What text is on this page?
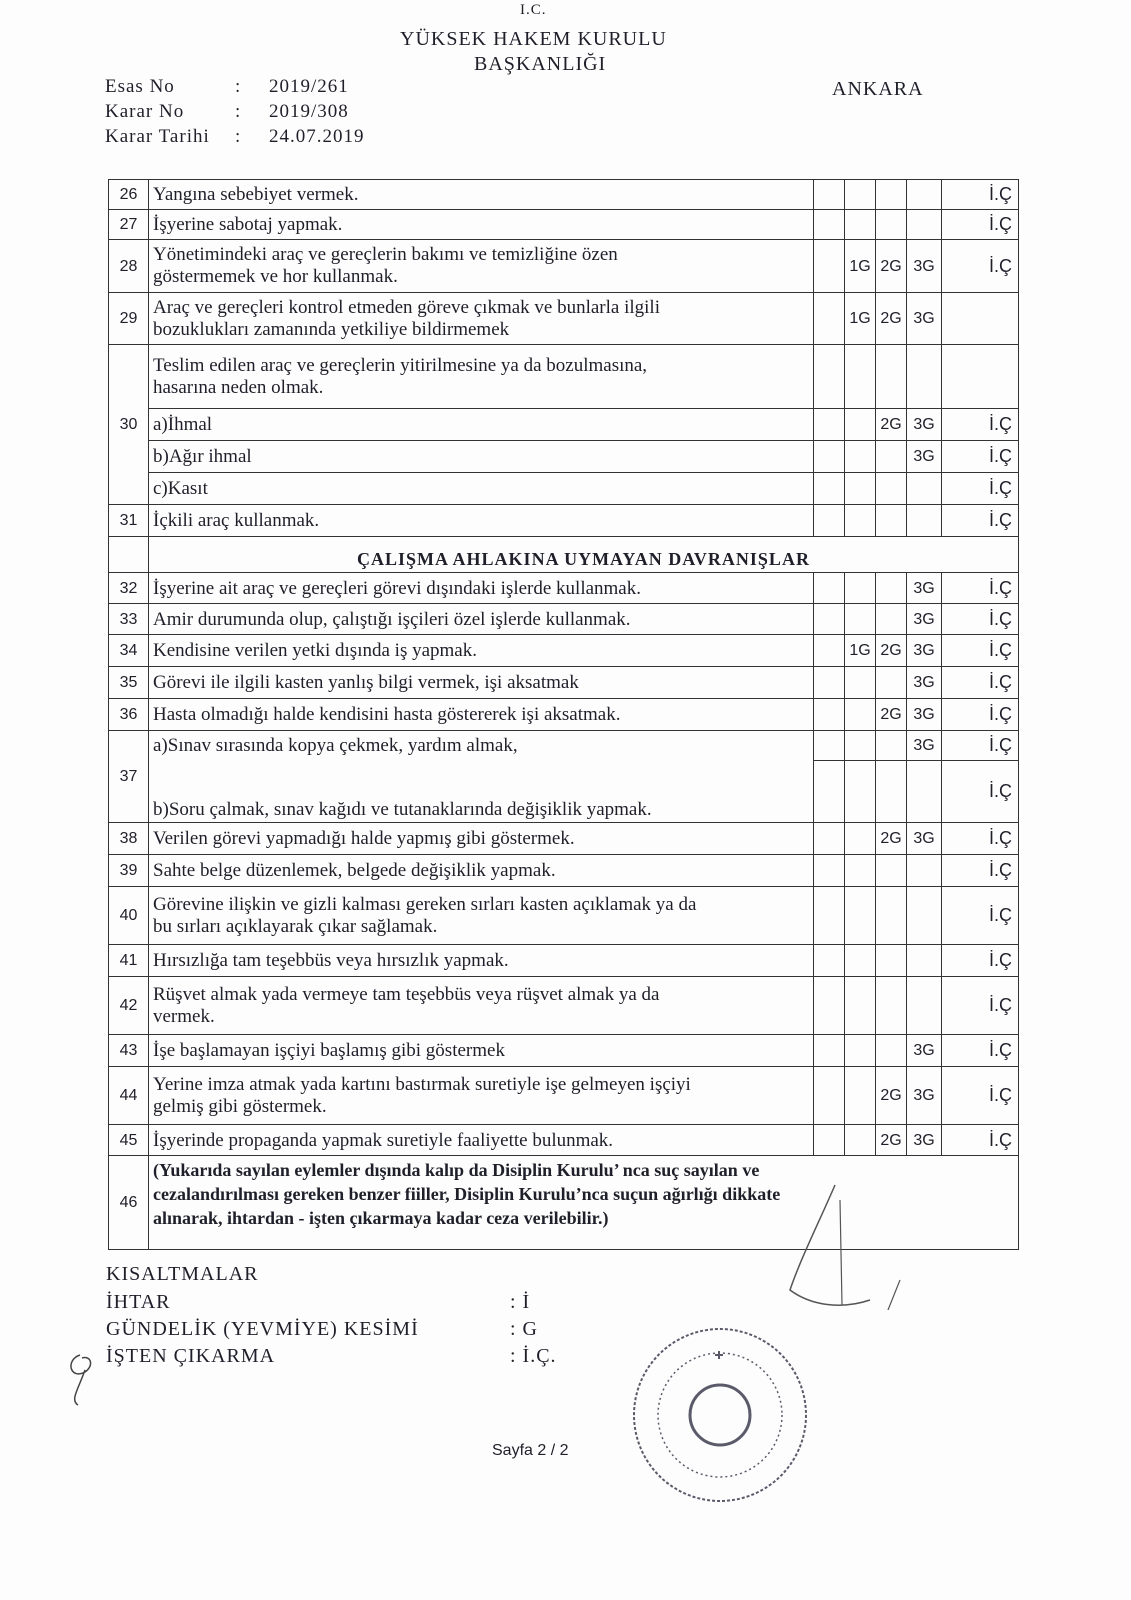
I.C.
YÜKSEK HAKEM KURULU
BAŞKANLIĞI
ANKARA
Esas No	: 2019/261
Karar No	: 2019/308
Karar Tarihi : 24.07.2019
26	Yangına sebebiyet vermek.					İ.Ç
27	İşyerine sabotaj yapmak.					İ.Ç
28	Yönetimindeki araç ve gereçlerin bakımı ve temizliğine özen
göstermemek ve hor kullanmak.		1G	2G	3G	İ.Ç
29	Araç ve gereçleri kontrol etmeden göreve çıkmak ve bunlarla ilgili
bozuklukları zamanında yetkiliye bildirmemek		1G	2G	3G	
30	Teslim edilen araç ve gereçlerin yitirilmesine ya da bozulmasına,
hasarına neden olmak.					
	a)İhmal			2G	3G	İ.Ç
	b)Ağır ihmal				3G	İ.Ç
	c)Kasıt					İ.Ç
31	İçkili araç kullanmak.					İ.Ç
	ÇALIŞMA AHLAKINA UYMAYAN DAVRANIŞLAR					
32	İşyerine ait araç ve gereçleri görevi dışındaki işlerde kullanmak.				3G	İ.Ç
33	Amir durumunda olup, çalıştığı işçileri özel işlerde kullanmak.				3G	İ.Ç
34	Kendisine verilen yetki dışında iş yapmak.		1G	2G	3G	İ.Ç
35	Görevi ile ilgili kasten yanlış bilgi vermek, işi aksatmak				3G	İ.Ç
36	Hasta olmadığı halde kendisini hasta göstererek işi aksatmak.			2G	3G	İ.Ç
37	a)Sınav sırasında kopya çekmek, yardım almak,				3G	İ.Ç
	b)Soru çalmak, sınav kağıdı ve tutanaklarında değişiklik yapmak.					İ.Ç
38	Verilen görevi yapmadığı halde yapmış gibi göstermek.			2G	3G	İ.Ç
39	Sahte belge düzenlemek, belgede değişiklik yapmak.					İ.Ç
40	Görevine ilişkin ve gizli kalması gereken sırları kasten açıklamak ya da
bu sırları açıklayarak çıkar sağlamak.					İ.Ç
41	Hırsızlığa tam teşebbüs veya hırsızlık yapmak.					İ.Ç
42	Rüşvet almak yada vermeye tam teşebbüs veya rüşvet almak ya da
vermek.					İ.Ç
43	İşe başlamayan işçiyi başlamış gibi göstermek				3G	İ.Ç
44	Yerine imza atmak yada kartını bastırmak suretiyle işe gelmeyen işçiyi
gelmiş gibi göstermek.			2G	3G	İ.Ç
45	İşyerinde propaganda yapmak suretiyle faaliyette bulunmak.			2G	3G	İ.Ç
46	(Yukarıda sayılan eylemler dışında kalıp da Disiplin Kurulu’ nca suç sayılan ve
cezalandırılması gereken benzer fiiller, Disiplin Kurulu’nca suçun ağırlığı dikkate
alınarak, ihtardan - işten çıkarmaya kadar ceza verilebilir.)					
KISALTMALAR
İHTAR	: İ
GÜNDELİK (YEVMİYE) KESİMİ	: G
İŞTEN ÇIKARMA	: İ.Ç.
Sayfa 2 / 2
